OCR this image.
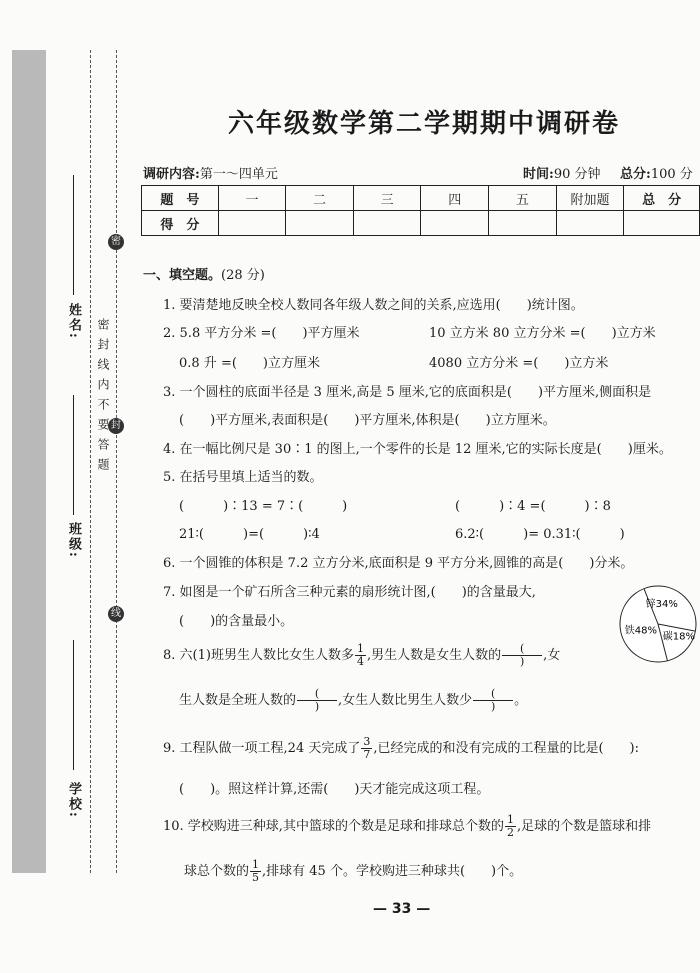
密
封
线
学校:
班级:
姓名: 密封线内不要答题
六年级数学第二学期期中调研卷
调研内容:第一～四单元	时间:90 分钟 总分:100 分
题　号	一	二	三	四	五	附加题	总　分
得　分							
一、填空题。(28 分)
1. 要清楚地反映全校人数同各年级人数之间的关系,应选用(　　)统计图。
2. 5.8 平方分米 =(　　)平方厘米	10 立方米 80 立方分米 =(　　)立方米
0.8 升 =(　　)立方厘米	4080 立方分米 =(　　)立方米
3. 一个圆柱的底面半径是 3 厘米,高是 5 厘米,它的底面积是(　　)平方厘米,侧面积是
(　　)平方厘米,表面积是(　　)平方厘米,体积是(　　)立方厘米。
4. 在一幅比例尺是 30∶1 的图上,一个零件的长是 12 厘米,它的实际长度是(　　)厘米。
5. 在括号里填上适当的数。
(　　　)∶13 = 7∶(　　　)	(　　　)∶4 =(　　　)∶8
21∶(　　　)=(　　　)∶4	6.2∶(　　　)= 0.31∶(　　　)
6. 一个圆锥的体积是 7.2 立方分米,底面积是 9 平方分米,圆锥的高是(　　)分米。
7. 如图是一个矿石所含三种元素的扇形统计图,(　　)的含量最大,
(　　)的含量最小。
锌34%
碳18%
铁48%
8. 六(1)班男生人数比女生人数多 $\frac{1}{4}$ ,男生人数是女生人数的 $\frac{(}{)}$ ,女
生人数是全班人数的 $\frac{(}{)}$ ,女生人数比男生人数少 $\frac{(}{)}$ 。
9. 工程队做一项工程,24 天完成了 $\frac{3}{7}$ ,已经完成的和没有完成的工程量的比是(　　):
(　　)。照这样计算,还需(　　)天才能完成这项工程。
10. 学校购进三种球,其中篮球的个数是足球和排球总个数的 $\frac{1}{2}$ ,足球的个数是篮球和排
球总个数的 $\frac{1}{5}$ ,排球有 45 个。学校购进三种球共(　　)个。
— 33 —
